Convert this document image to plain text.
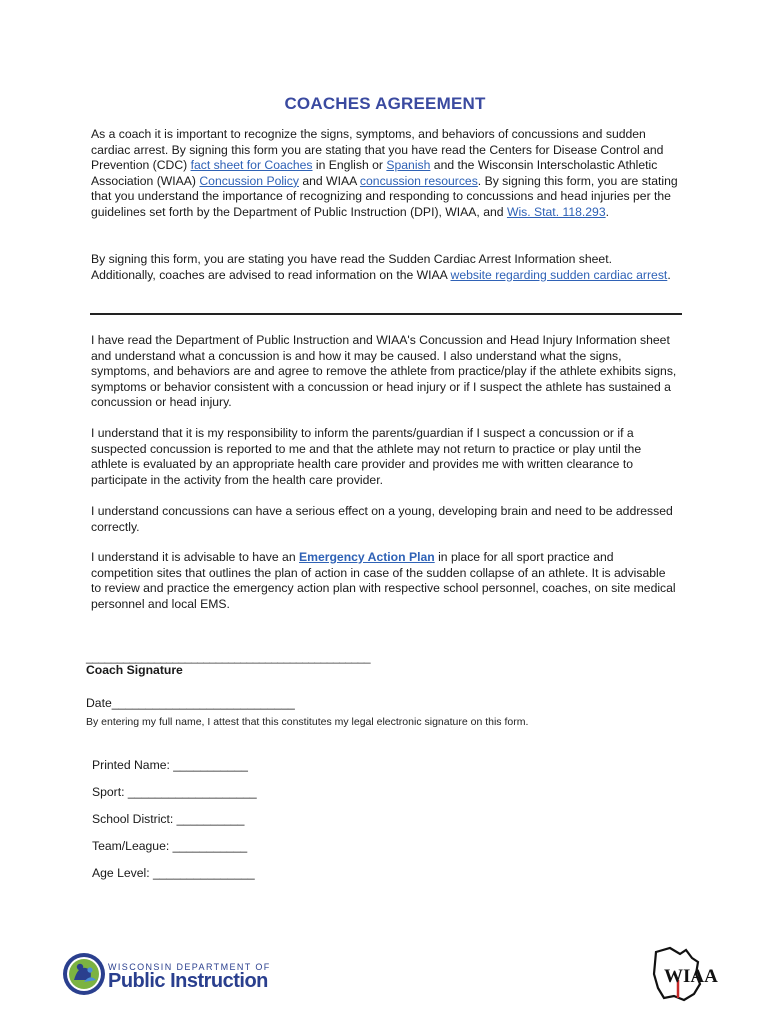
COACHES AGREEMENT

As a coach it is important to recognize the signs, symptoms, and behaviors of concussions and sudden cardiac arrest. By signing this form you are stating that you have read the Centers for Disease Control and Prevention (CDC) fact sheet for Coaches in English or Spanish and the Wisconsin Interscholastic Athletic Association (WIAA) Concussion Policy and WIAA concussion resources. By signing this form, you are stating that you understand the importance of recognizing and responding to concussions and head injuries per the guidelines set forth by the Department of Public Instruction (DPI), WIAA, and Wis. Stat. 118.293.

By signing this form, you are stating you have read the Sudden Cardiac Arrest Information sheet. Additionally, coaches are advised to read information on the WIAA website regarding sudden cardiac arrest.

I have read the Department of Public Instruction and WIAA's Concussion and Head Injury Information sheet and understand what a concussion is and how it may be caused. I also understand what the signs, symptoms, and behaviors are and agree to remove the athlete from practice/play if the athlete exhibits signs, symptoms or behavior consistent with a concussion or head injury or if I suspect the athlete has sustained a concussion or head injury.

I understand that it is my responsibility to inform the parents/guardian if I suspect a concussion or if a suspected concussion is reported to me and that the athlete may not return to practice or play until the athlete is evaluated by an appropriate health care provider and provides me with written clearance to participate in the activity from the health care provider.

I understand concussions can have a serious effect on a young, developing brain and need to be addressed correctly.

I understand it is advisable to have an Emergency Action Plan in place for all sport practice and competition sites that outlines the plan of action in case of the sudden collapse of an athlete. It is advisable to review and practice the emergency action plan with respective school personnel, coaches, on site medical personnel and local EMS.

______________________________________________
Coach Signature
Date___________________________
By entering my full name, I attest that this constitutes my legal electronic signature on this form.
Printed Name: ___________
Sport: ___________________
School District: __________
Team/League: ___________
Age Level: _______________
WISCONSIN DEPARTMENT OF
Public Instruction	WIAA
